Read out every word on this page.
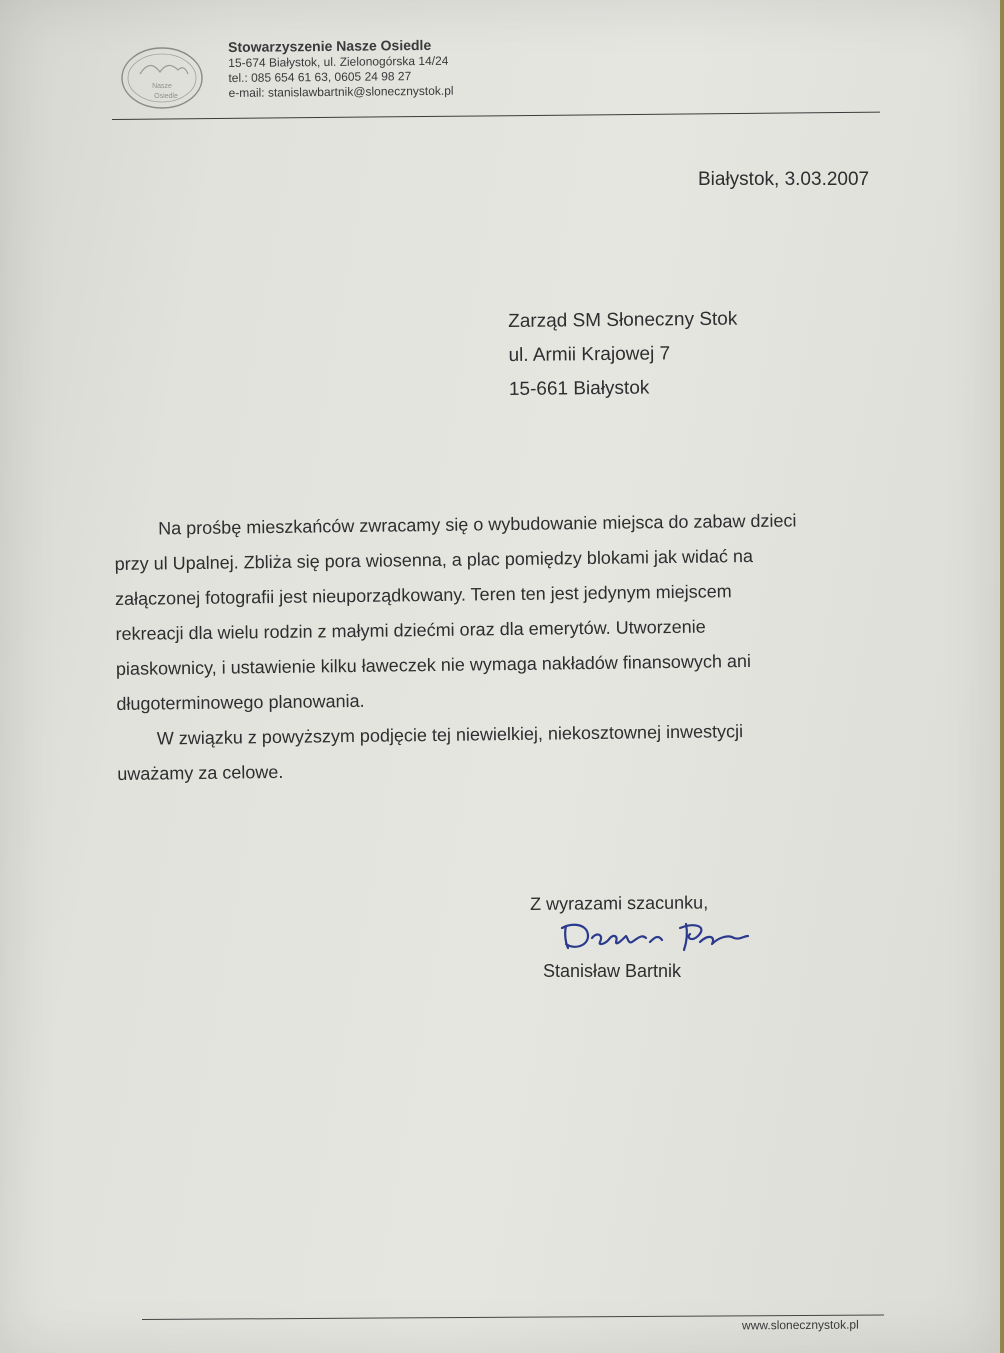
Nasze
Osiedle
Stowarzyszenie Nasze Osiedle
15-674 Białystok, ul. Zielonogórska 14/24
tel.: 085 654 61 63, 0605 24 98 27
e-mail: stanislawbartnik@slonecznystok.pl
Białystok, 3.03.2007
Zarząd SM Słoneczny Stok
ul. Armii Krajowej 7
15-661 Białystok
Na prośbę mieszkańców zwracamy się o wybudowanie miejsca do zabaw dzieci
przy ul Upalnej. Zbliża się pora wiosenna, a plac pomiędzy blokami jak widać na
załączonej fotografii jest nieuporządkowany. Teren ten jest jedynym miejscem
rekreacji dla wielu rodzin z małymi dziećmi oraz dla emerytów. Utworzenie
piaskownicy, i ustawienie kilku ławeczek nie wymaga nakładów finansowych ani
długoterminowego planowania.
W związku z powyższym podjęcie tej niewielkiej, niekosztownej inwestycji
uważamy za celowe.
Z wyrazami szacunku,
Stanisław Bartnik
www.slonecznystok.pl
